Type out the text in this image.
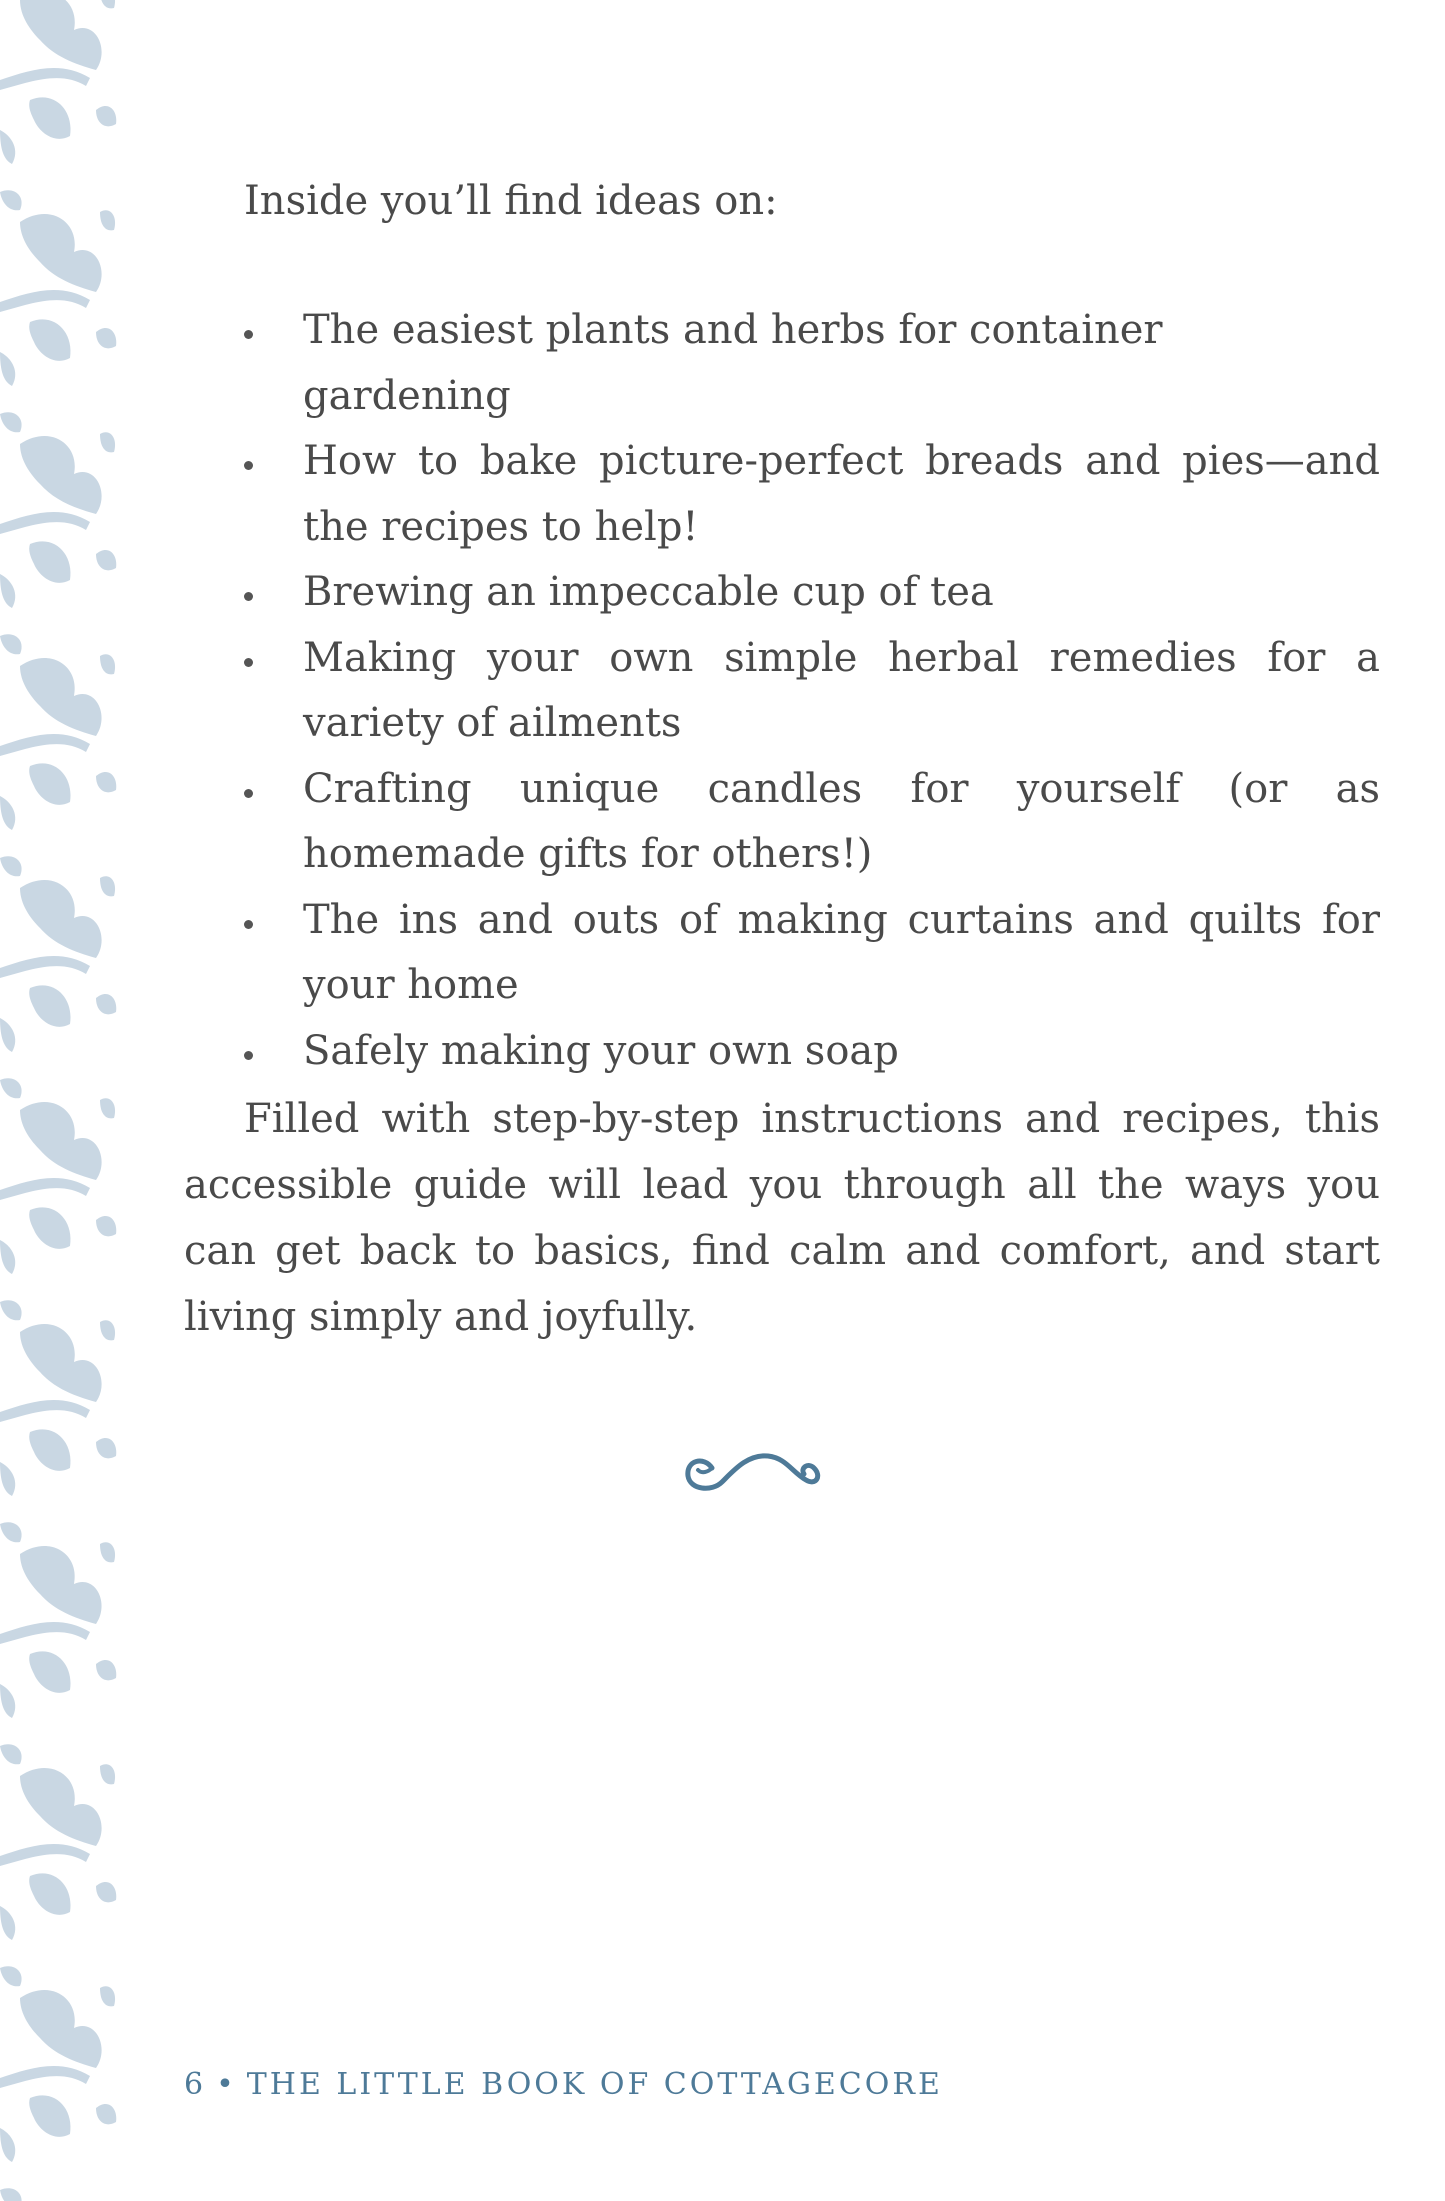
Inside you’ll find ideas on:

The easiest plants and herbs for container gardening
How to bake picture-perfect breads and pies—and the recipes to help!
Brewing an impeccable cup of tea
Making your own simple herbal remedies for a variety of ailments
Crafting unique candles for yourself (or as homemade gifts for others!)
The ins and outs of making curtains and quilts for your home
Safely making your own soap

Filled with step-by-step instructions and recipes, this accessible guide will lead you through all the ways you can get back to basics, find calm and comfort, and start living simply and joyfully.

6 • THE LITTLE BOOK OF COTTAGECORE
